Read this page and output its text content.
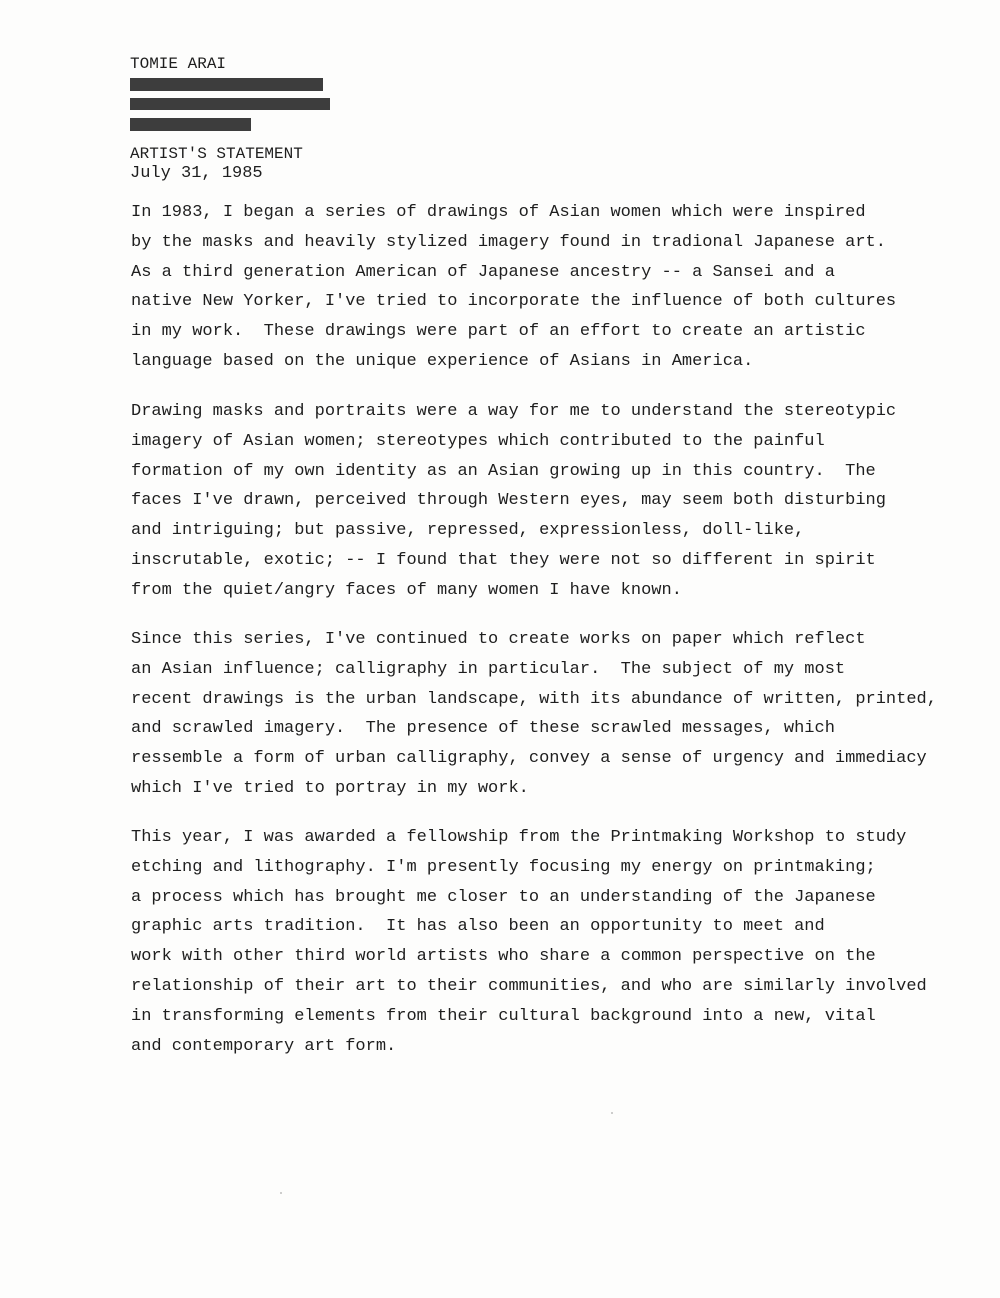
TOMIE ARAI
ARTIST'S STATEMENT
July 31, 1985
In 1983, I began a series of drawings of Asian women which were inspired
by the masks and heavily stylized imagery found in tradional Japanese art.
As a third generation American of Japanese ancestry -- a Sansei and a
native New Yorker, I've tried to incorporate the influence of both cultures
in my work.  These drawings were part of an effort to create an artistic
language based on the unique experience of Asians in America.
Drawing masks and portraits were a way for me to understand the stereotypic
imagery of Asian women; stereotypes which contributed to the painful
formation of my own identity as an Asian growing up in this country.  The
faces I've drawn, perceived through Western eyes, may seem both disturbing
and intriguing; but passive, repressed, expressionless, doll-like,
inscrutable, exotic; -- I found that they were not so different in spirit
from the quiet/angry faces of many women I have known.
Since this series, I've continued to create works on paper which reflect
an Asian influence; calligraphy in particular.  The subject of my most
recent drawings is the urban landscape, with its abundance of written, printed,
and scrawled imagery.  The presence of these scrawled messages, which
ressemble a form of urban calligraphy, convey a sense of urgency and immediacy
which I've tried to portray in my work.
This year, I was awarded a fellowship from the Printmaking Workshop to study
etching and lithography. I'm presently focusing my energy on printmaking;
a process which has brought me closer to an understanding of the Japanese
graphic arts tradition.  It has also been an opportunity to meet and
work with other third world artists who share a common perspective on the
relationship of their art to their communities, and who are similarly involved
in transforming elements from their cultural background into a new, vital
and contemporary art form.
